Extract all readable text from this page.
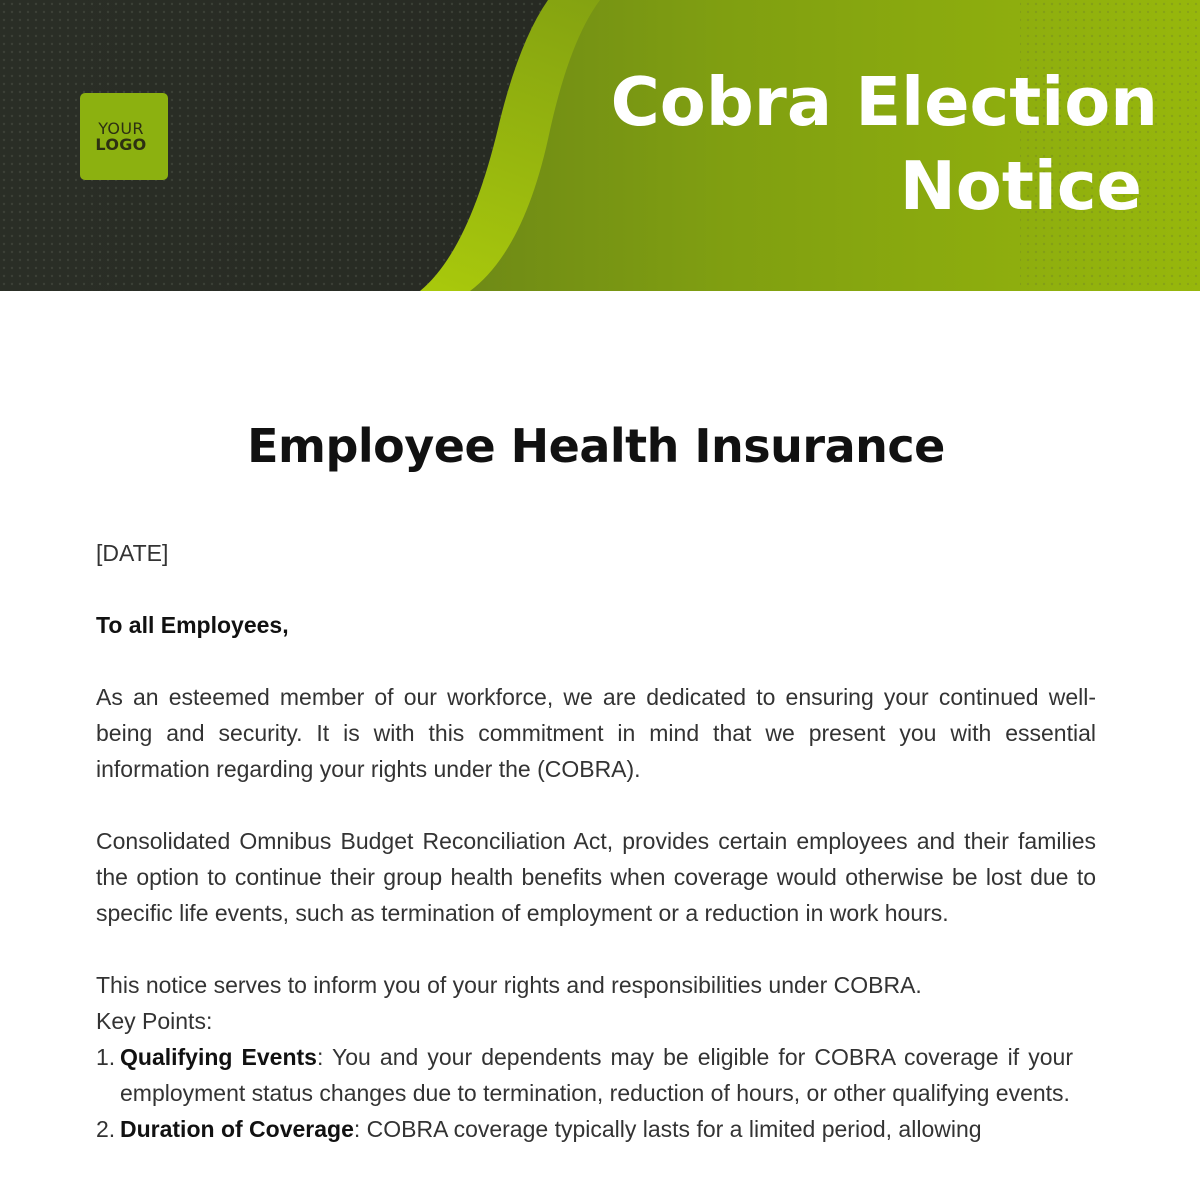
YOUR
LOGO
Cobra Election
Notice
Employee Health Insurance

[DATE]

To all Employees,

As an esteemed member of our workforce, we are dedicated to ensuring your continued well-being and security. It is with this commitment in mind that we present you with essential information regarding your rights under the (COBRA).

Consolidated Omnibus Budget Reconciliation Act, provides certain employees and their families the option to continue their group health benefits when coverage would otherwise be lost due to specific life events, such as termination of employment or a reduction in work hours.

This notice serves to inform you of your rights and responsibilities under COBRA.

Key Points:

1. Qualifying Events: You and your dependents may be eligible for COBRA coverage if your employment status changes due to termination, reduction of hours, or other qualifying events.
2. Duration of Coverage: COBRA coverage typically lasts for a limited period, allowing
